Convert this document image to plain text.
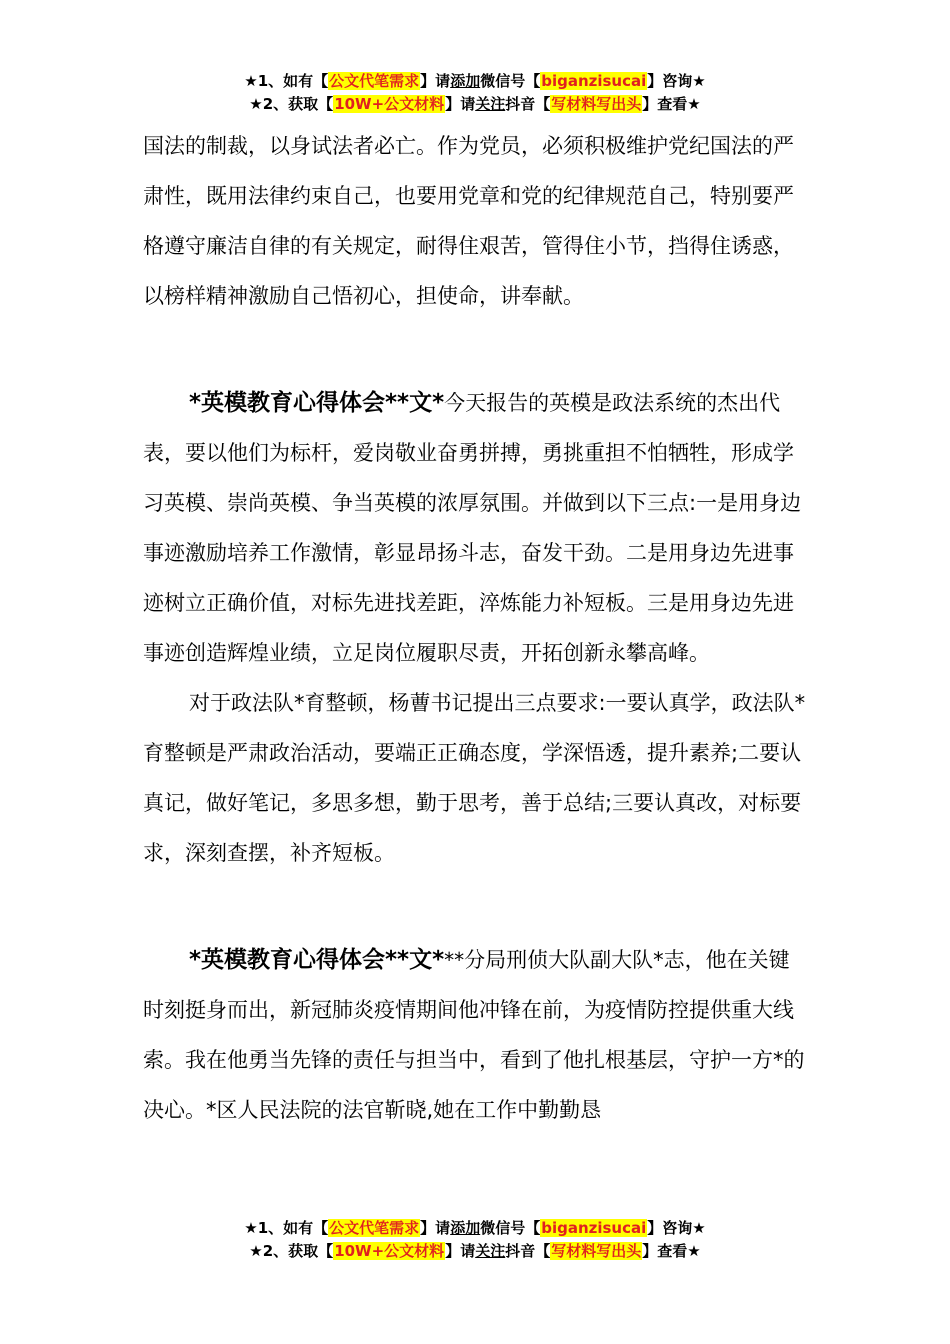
★1、如有【公文代笔需求】请添加微信号【biganzisucai】咨询★
★2、获取【10W+公文材料】请关注抖音【写材料写出头】查看★

国法的制裁，以身试法者必亡。作为党员，必须积极维护党纪国法的严肃性，既用法律约束自己，也要用党章和党的纪律规范自己，特别要严格遵守廉洁自律的有关规定，耐得住艰苦，管得住小节，挡得住诱惑，以榜样精神激励自己悟初心，担使命，讲奉献。

*英模教育心得体会**文*今天报告的英模是政法系统的杰出代表，要以他们为标杆，爱岗敬业奋勇拼搏，勇挑重担不怕牺牲，形成学习英模、崇尚英模、争当英模的浓厚氛围。并做到以下三点:一是用身边事迹激励培养工作激情，彰显昂扬斗志，奋发干劲。二是用身边先进事迹树立正确价值，对标先进找差距，淬炼能力补短板。三是用身边先进事迹创造辉煌业绩，立足岗位履职尽责，开拓创新永攀高峰。

对于政法队*育整顿，杨蓸书记提出三点要求:一要认真学，政法队*育整顿是严肃政治活动，要端正正确态度，学深悟透，提升素养;二要认真记，做好笔记，多思多想，勤于思考，善于总结;三要认真改，对标要求，深刻查摆，补齐短板。

*英模教育心得体会**文***分局刑侦大队副大队*志，他在关键时刻挺身而出，新冠肺炎疫情期间他冲锋在前，为疫情防控提供重大线索。我在他勇当先锋的责任与担当中，看到了他扎根基层，守护一方*的决心。*区人民法院的法官靳晓,她在工作中勤勤恳

★1、如有【公文代笔需求】请添加微信号【biganzisucai】咨询★
★2、获取【10W+公文材料】请关注抖音【写材料写出头】查看★
